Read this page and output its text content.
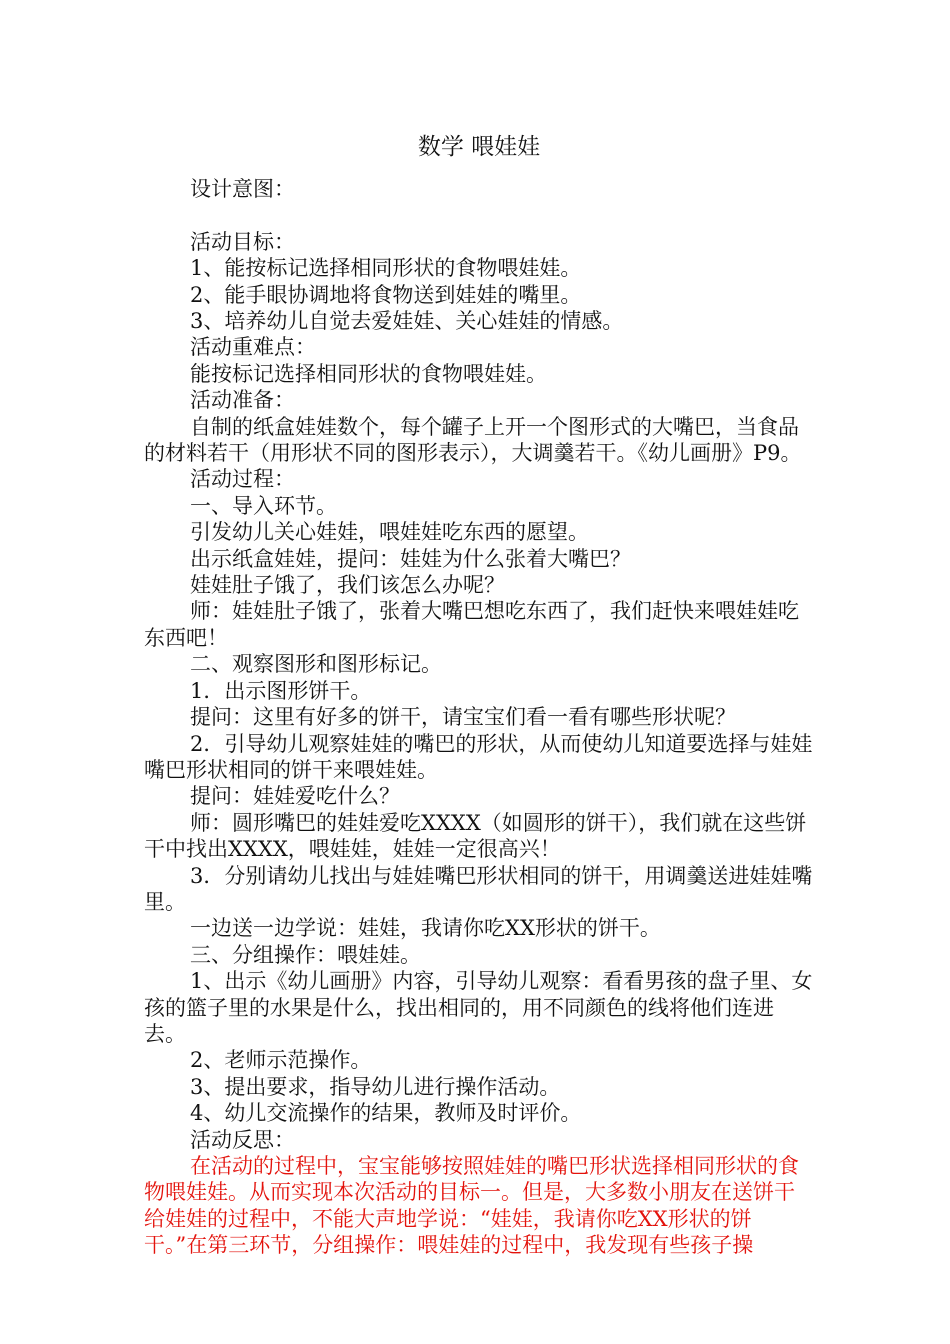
数学 喂娃娃

设计意图：

活动目标：

1、能按标记选择相同形状的食物喂娃娃。

2、能手眼协调地将食物送到娃娃的嘴里。

3、培养幼儿自觉去爱娃娃、关心娃娃的情感。

活动重难点：

能按标记选择相同形状的食物喂娃娃。

活动准备：

自制的纸盒娃娃数个，每个罐子上开一个图形式的大嘴巴，当食品的材料若干（用形状不同的图形表示），大调羹若干。《幼儿画册》P9。

活动过程：

一、导入环节。

引发幼儿关心娃娃，喂娃娃吃东西的愿望。

出示纸盒娃娃，提问：娃娃为什么张着大嘴巴？

娃娃肚子饿了，我们该怎么办呢？

师：娃娃肚子饿了，张着大嘴巴想吃东西了，我们赶快来喂娃娃吃东西吧！

二、观察图形和图形标记。

1．出示图形饼干。

提问：这里有好多的饼干，请宝宝们看一看有哪些形状呢？

2．引导幼儿观察娃娃的嘴巴的形状，从而使幼儿知道要选择与娃娃嘴巴形状相同的饼干来喂娃娃。

提问：娃娃爱吃什么？

师：圆形嘴巴的娃娃爱吃XXXX（如圆形的饼干），我们就在这些饼干中找出XXXX，喂娃娃，娃娃一定很高兴！

3．分别请幼儿找出与娃娃嘴巴形状相同的饼干，用调羹送进娃娃嘴里。

一边送一边学说：娃娃，我请你吃XX形状的饼干。

三、分组操作：喂娃娃。

1、出示《幼儿画册》内容，引导幼儿观察：看看男孩的盘子里、女孩的篮子里的水果是什么，找出相同的，用不同颜色的线将他们连进去。

2、老师示范操作。

3、提出要求，指导幼儿进行操作活动。

4、幼儿交流操作的结果，教师及时评价。

活动反思：

在活动的过程中，宝宝能够按照娃娃的嘴巴形状选择相同形状的食物喂娃娃。从而实现本次活动的目标一。但是，大多数小朋友在送饼干给娃娃的过程中，不能大声地学说：“娃娃，我请你吃XX形状的饼干。”在第三环节，分组操作：喂娃娃的过程中，我发现有些孩子操
